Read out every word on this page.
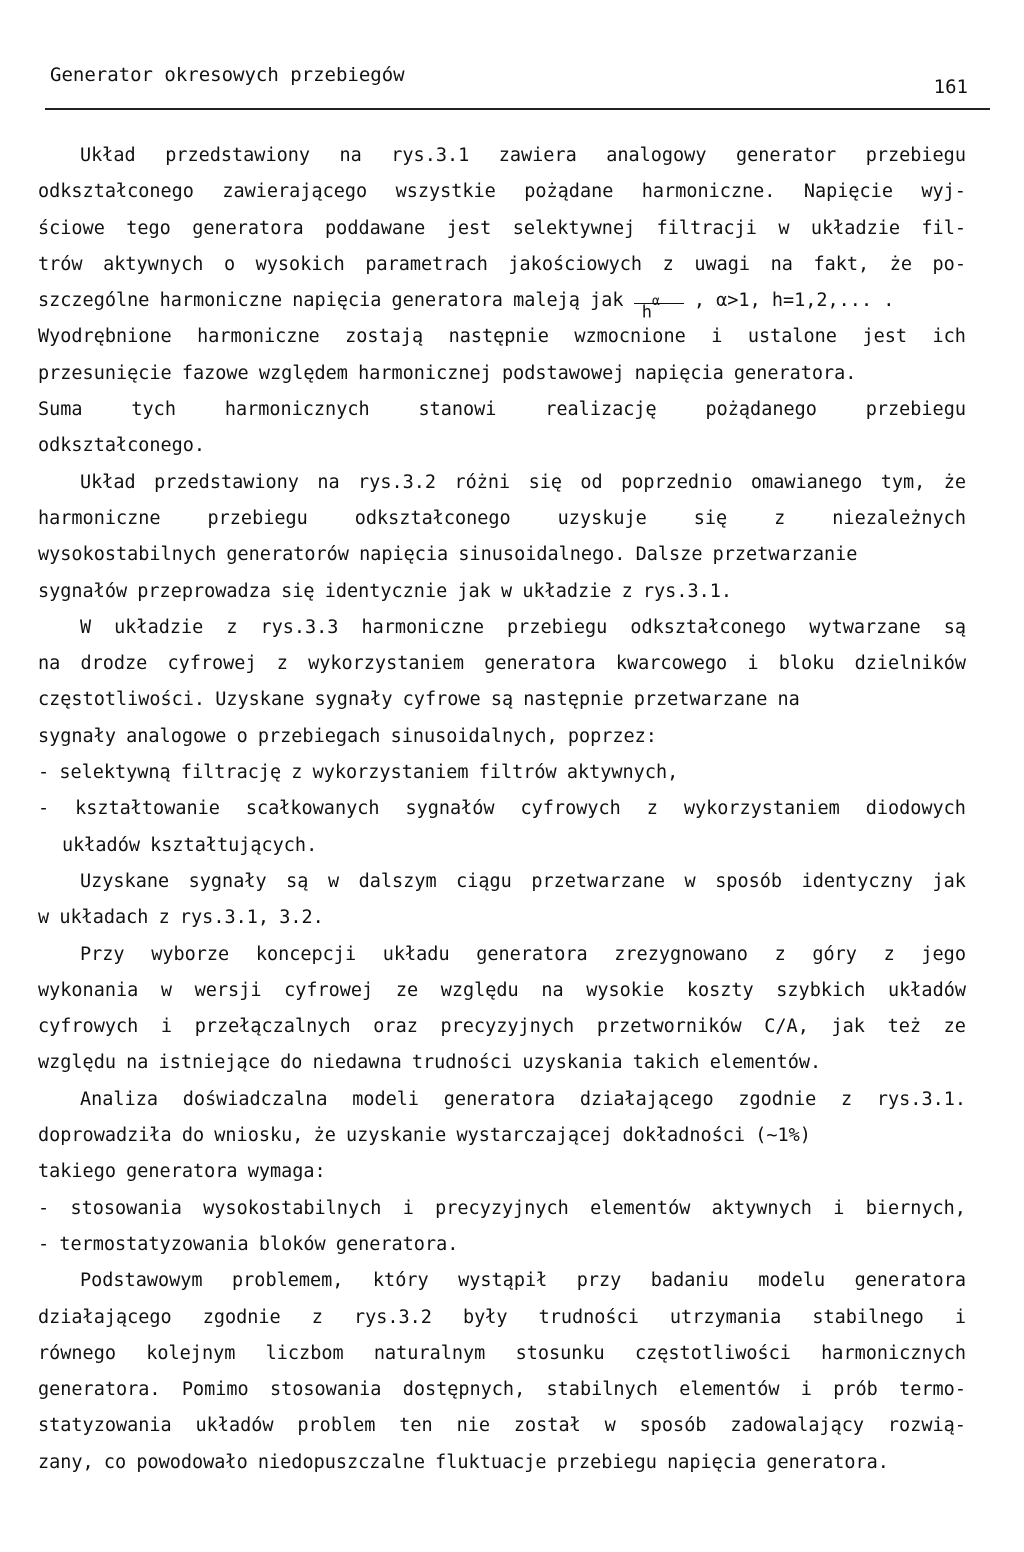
Generator okresowych przebiegów
161
Układ przedstawiony na rys.3.1 zawiera analogowy generator przebiegu
odkształconego zawierającego wszystkie pożądane harmoniczne. Napięcie wyj-
ściowe tego generatora poddawane jest selektywnej filtracji w układzie fil-
trów aktywnych o wysokich parametrach jakościowych z uwagi na fakt, że po-
szczególne harmoniczne napięcia generatora maleją jak
$h^\alpha$ , α>1, h=1,2,... .
Wyodrębnione harmoniczne zostają następnie wzmocnione i ustalone jest ich
przesunięcie fazowe względem harmonicznej podstawowej napięcia generatora.
Suma	tych	harmonicznych	stanowi	realizację	pożądanego	przebiegu
odkształconego.
Układ przedstawiony na rys.3.2 różni się od poprzednio omawianego tym, że
harmoniczne	przebiegu	odkształconego	uzyskuje	się	z	niezależnych
wysokostabilnych generatorów napięcia sinusoidalnego. Dalsze przetwarzanie
sygnałów przeprowadza się identycznie jak w układzie z rys.3.1.
W układzie z rys.3.3 harmoniczne przebiegu odkształconego wytwarzane są
na drodze cyfrowej z wykorzystaniem generatora kwarcowego i bloku dzielników
częstotliwości. Uzyskane sygnały cyfrowe są następnie przetwarzane na
sygnały analogowe o przebiegach sinusoidalnych, poprzez:
- selektywną filtrację z wykorzystaniem filtrów aktywnych,
- kształtowanie scałkowanych sygnałów cyfrowych z wykorzystaniem diodowych
układów kształtujących.
Uzyskane sygnały są w dalszym ciągu przetwarzane w sposób identyczny jak
w układach z rys.3.1, 3.2.
Przy wyborze koncepcji układu generatora zrezygnowano z góry z jego
wykonania w wersji cyfrowej ze względu na wysokie koszty szybkich układów
cyfrowych i przełączalnych oraz precyzyjnych przetworników C/A, jak też ze
względu na istniejące do niedawna trudności uzyskania takich elementów.
Analiza doświadczalna modeli generatora działającego zgodnie z rys.3.1.
doprowadziła do wniosku, że uzyskanie wystarczającej dokładności (~1%)
takiego generatora wymaga:
- stosowania wysokostabilnych i precyzyjnych elementów aktywnych i biernych,
- termostatyzowania bloków generatora.
Podstawowym problemem, który wystąpił przy badaniu modelu generatora
działającego zgodnie z rys.3.2 były trudności utrzymania stabilnego i
równego kolejnym liczbom naturalnym stosunku częstotliwości harmonicznych
generatora. Pomimo stosowania dostępnych, stabilnych elementów i prób termo-
statyzowania układów problem ten nie został w sposób zadowalający rozwią-
zany, co powodowało niedopuszczalne fluktuacje przebiegu napięcia generatora.
